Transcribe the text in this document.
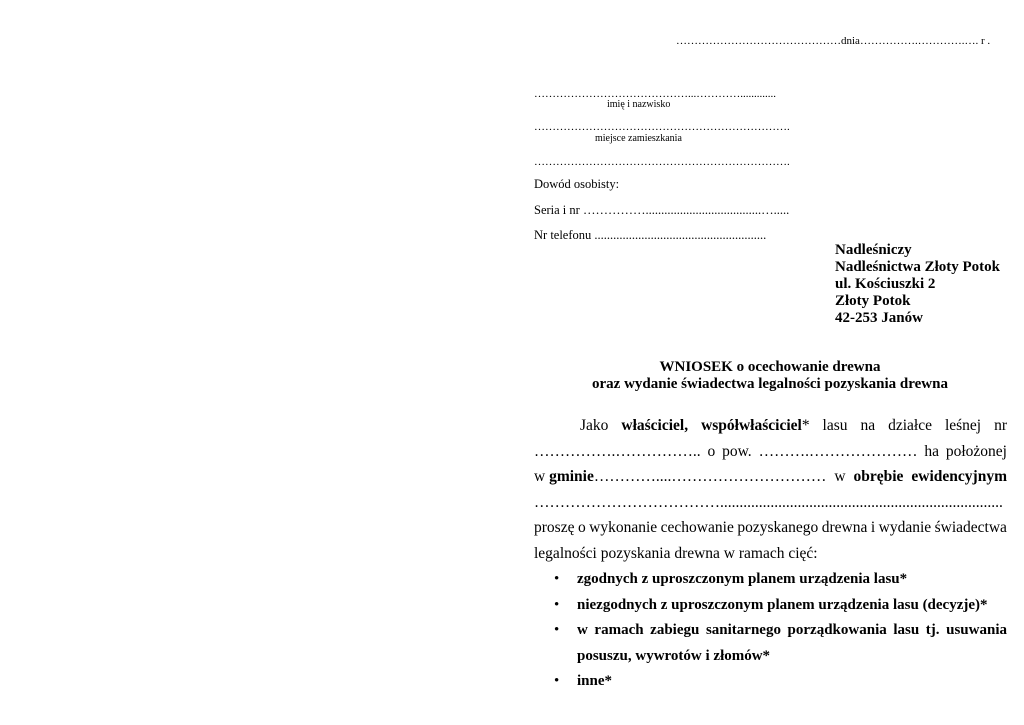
………………………………………dnia…………….………….…. r .
……………………………………...………….............
imię i nazwisko
…………………………………………………………….
miejsce zamieszkania
…………………………………………………………….
Dowód osobisty:
Seria i nr …………….....................................….....
Nr telefonu .......................................................
Nadleśniczy
Nadleśnictwa Złoty Potok
ul. Kościuszki 2
Złoty Potok
42-253 Janów
WNIOSEK o ocechowanie drewna
oraz wydanie świadectwa legalności pozyskania drewna
Jako właściciel, współwłaściciel* lasu na działce leśnej nr
…………….…………….. o pow. ……….………………… ha położonej
w gminie…………....………………………… w obrębie ewidencyjnym
……………………………….........................................................................
proszę o wykonanie cechowanie pozyskanego drewna i wydanie świadectwa
legalności pozyskania drewna w ramach cięć:
• zgodnych z uproszczonym planem urządzenia lasu*
• niezgodnych z uproszczonym planem urządzenia lasu (decyzje)*
• w ramach zabiegu sanitarnego porządkowania lasu tj. usuwania posuszu, wywrotów i złomów*
• inne*
